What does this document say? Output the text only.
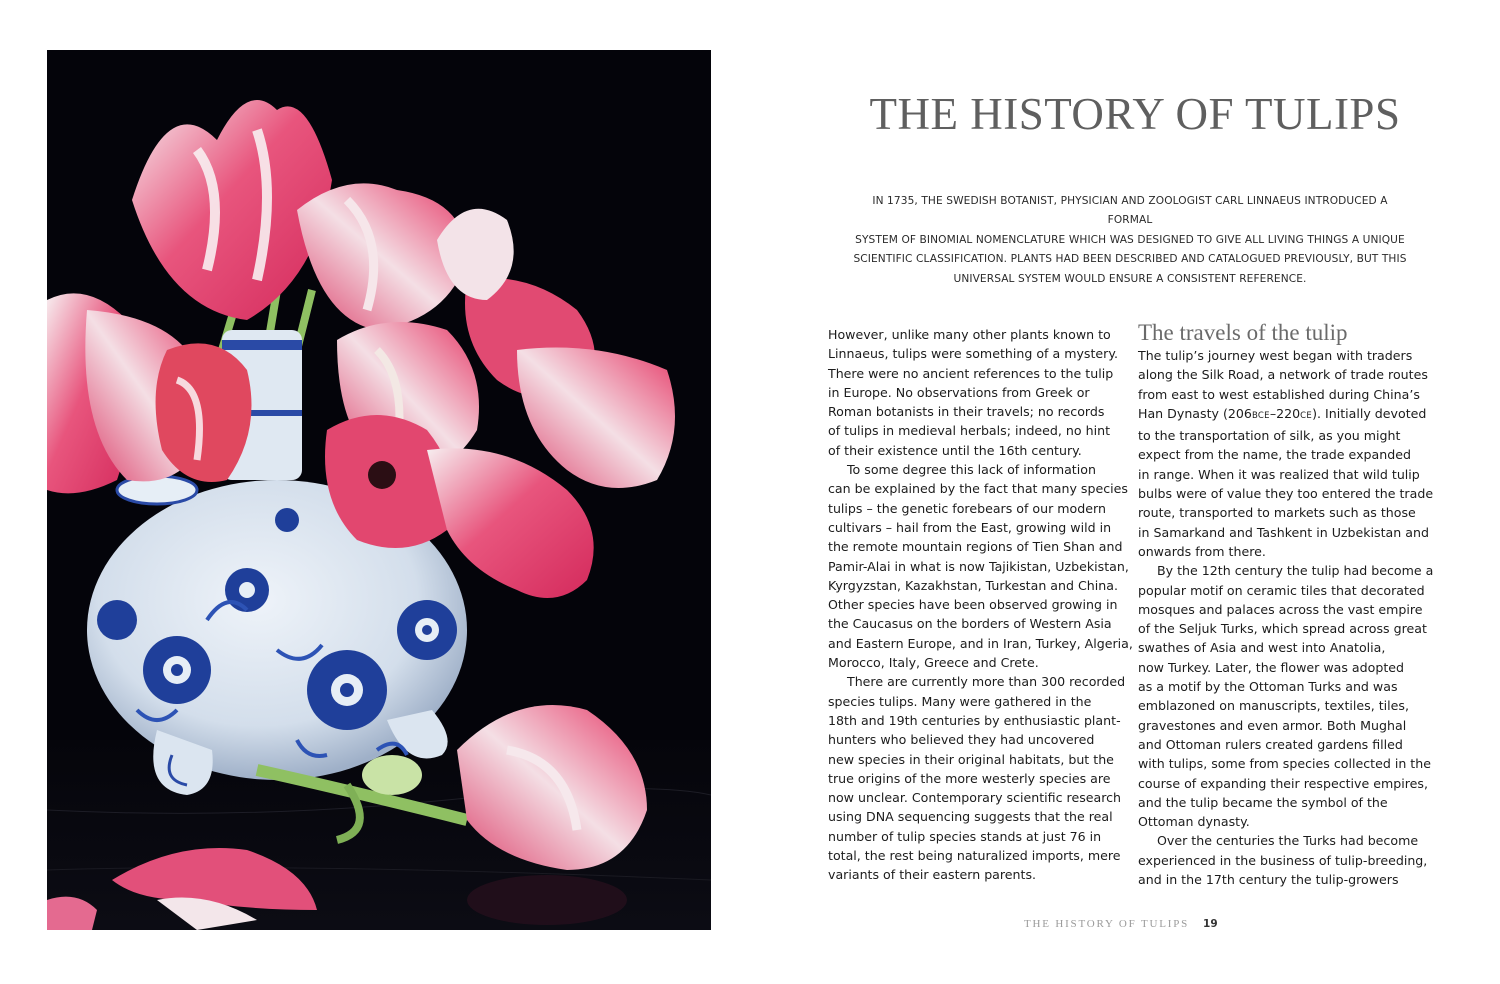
THE HISTORY OF TULIPS
IN 1735, THE SWEDISH BOTANIST, PHYSICIAN AND ZOOLOGIST CARL LINNAEUS INTRODUCED A FORMAL
SYSTEM OF BINOMIAL NOMENCLATURE WHICH WAS DESIGNED TO GIVE ALL LIVING THINGS A UNIQUE
SCIENTIFIC CLASSIFICATION. PLANTS HAD BEEN DESCRIBED AND CATALOGUED PREVIOUSLY, BUT THIS
UNIVERSAL SYSTEM WOULD ENSURE A CONSISTENT REFERENCE.
However, unlike many other plants known to
Linnaeus, tulips were something of a mystery.
There were no ancient references to the tulip
in Europe. No observations from Greek or
Roman botanists in their travels; no records
of tulips in medieval herbals; indeed, no hint
of their existence until the 16th century.
To some degree this lack of information
can be explained by the fact that many species
tulips – the genetic forebears of our modern
cultivars – hail from the East, growing wild in
the remote mountain regions of Tien Shan and
Pamir-Alai in what is now Tajikistan, Uzbekistan,
Kyrgyzstan, Kazakhstan, Turkestan and China.
Other species have been observed growing in
the Caucasus on the borders of Western Asia
and Eastern Europe, and in Iran, Turkey, Algeria,
Morocco, Italy, Greece and Crete.
There are currently more than 300 recorded
species tulips. Many were gathered in the
18th and 19th centuries by enthusiastic plant-
hunters who believed they had uncovered
new species in their original habitats, but the
true origins of the more westerly species are
now unclear. Contemporary scientific research
using DNA sequencing suggests that the real
number of tulip species stands at just 76 in
total, the rest being naturalized imports, mere
variants of their eastern parents.
The travels of the tulip
The tulip’s journey west began with traders
along the Silk Road, a network of trade routes
from east to west established during China’s
Han Dynasty (206BCE–220CE). Initially devoted
to the transportation of silk, as you might
expect from the name, the trade expanded
in range. When it was realized that wild tulip
bulbs were of value they too entered the trade
route, transported to markets such as those
in Samarkand and Tashkent in Uzbekistan and
onwards from there.
By the 12th century the tulip had become a
popular motif on ceramic tiles that decorated
mosques and palaces across the vast empire
of the Seljuk Turks, which spread across great
swathes of Asia and west into Anatolia,
now Turkey. Later, the flower was adopted
as a motif by the Ottoman Turks and was
emblazoned on manuscripts, textiles, tiles,
gravestones and even armor. Both Mughal
and Ottoman rulers created gardens filled
with tulips, some from species collected in the
course of expanding their respective empires,
and the tulip became the symbol of the
Ottoman dynasty.
Over the centuries the Turks had become
experienced in the business of tulip-breeding,
and in the 17th century the tulip-growers
THE HISTORY OF TULIPS 19
